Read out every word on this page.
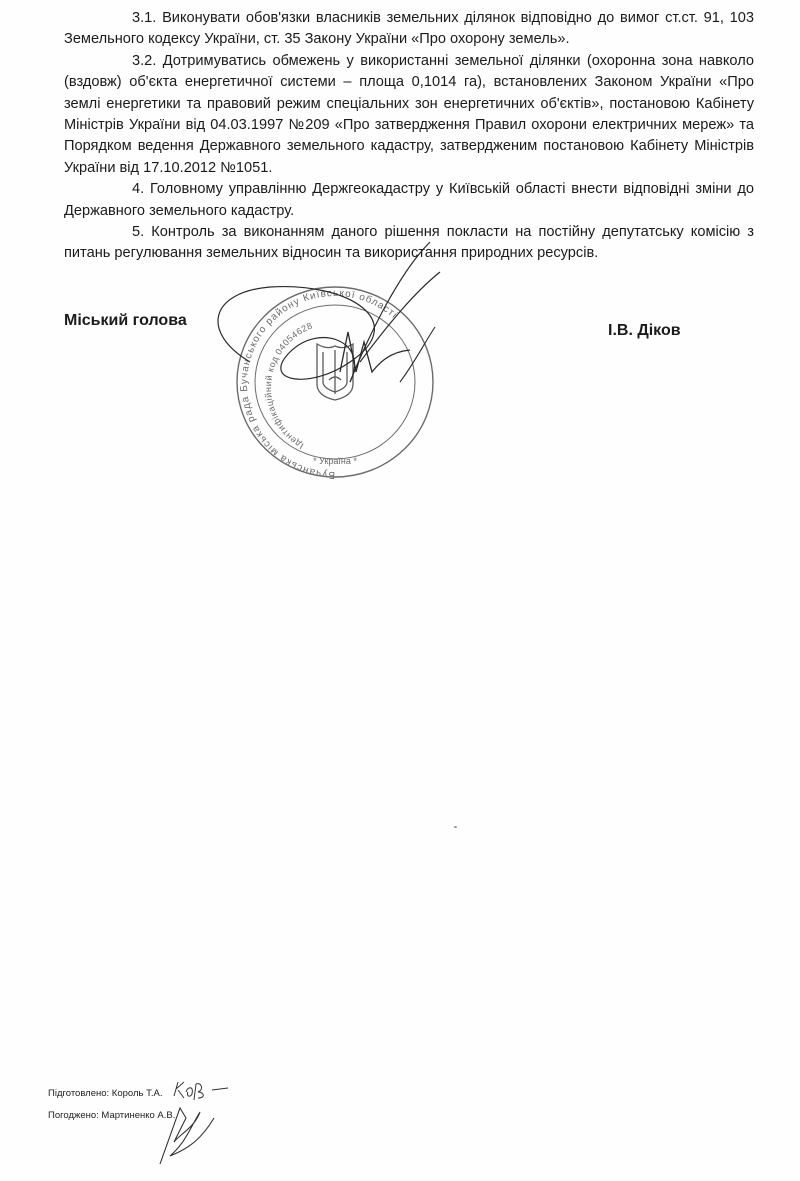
3.1. Виконувати обов'язки власників земельних ділянок відповідно до вимог ст.ст. 91, 103 Земельного кодексу України, ст. 35 Закону України «Про охорону земель».

3.2. Дотримуватись обмежень у використанні земельної ділянки (охоронна зона навколо (вздовж) об'єкта енергетичної системи – площа 0,1014 га), встановлених Законом України «Про землі енергетики та правовий режим спеціальних зон енергетичних об'єктів», постановою Кабінету Міністрів України від 04.03.1997 №209 «Про затвердження Правил охорони електричних мереж» та Порядком ведення Державного земельного кадастру, затвердженим постановою Кабінету Міністрів України від 17.10.2012 №1051.

4. Головному управлінню Держгеокадастру у Київській області внести відповідні зміни до Державного земельного кадастру.

5. Контроль за виконанням даного рішення покласти на постійну депутатську комісію з питань регулювання земельних відносин та використання природних ресурсів.

Бучанська міська рада Бучанського району Київської області
Ідентифікаційний код 04054628
* Україна *
Міський голова
І.В. Діков
Підготовлено: Король Т.А.
Погоджено: Мартиненко А.В.
